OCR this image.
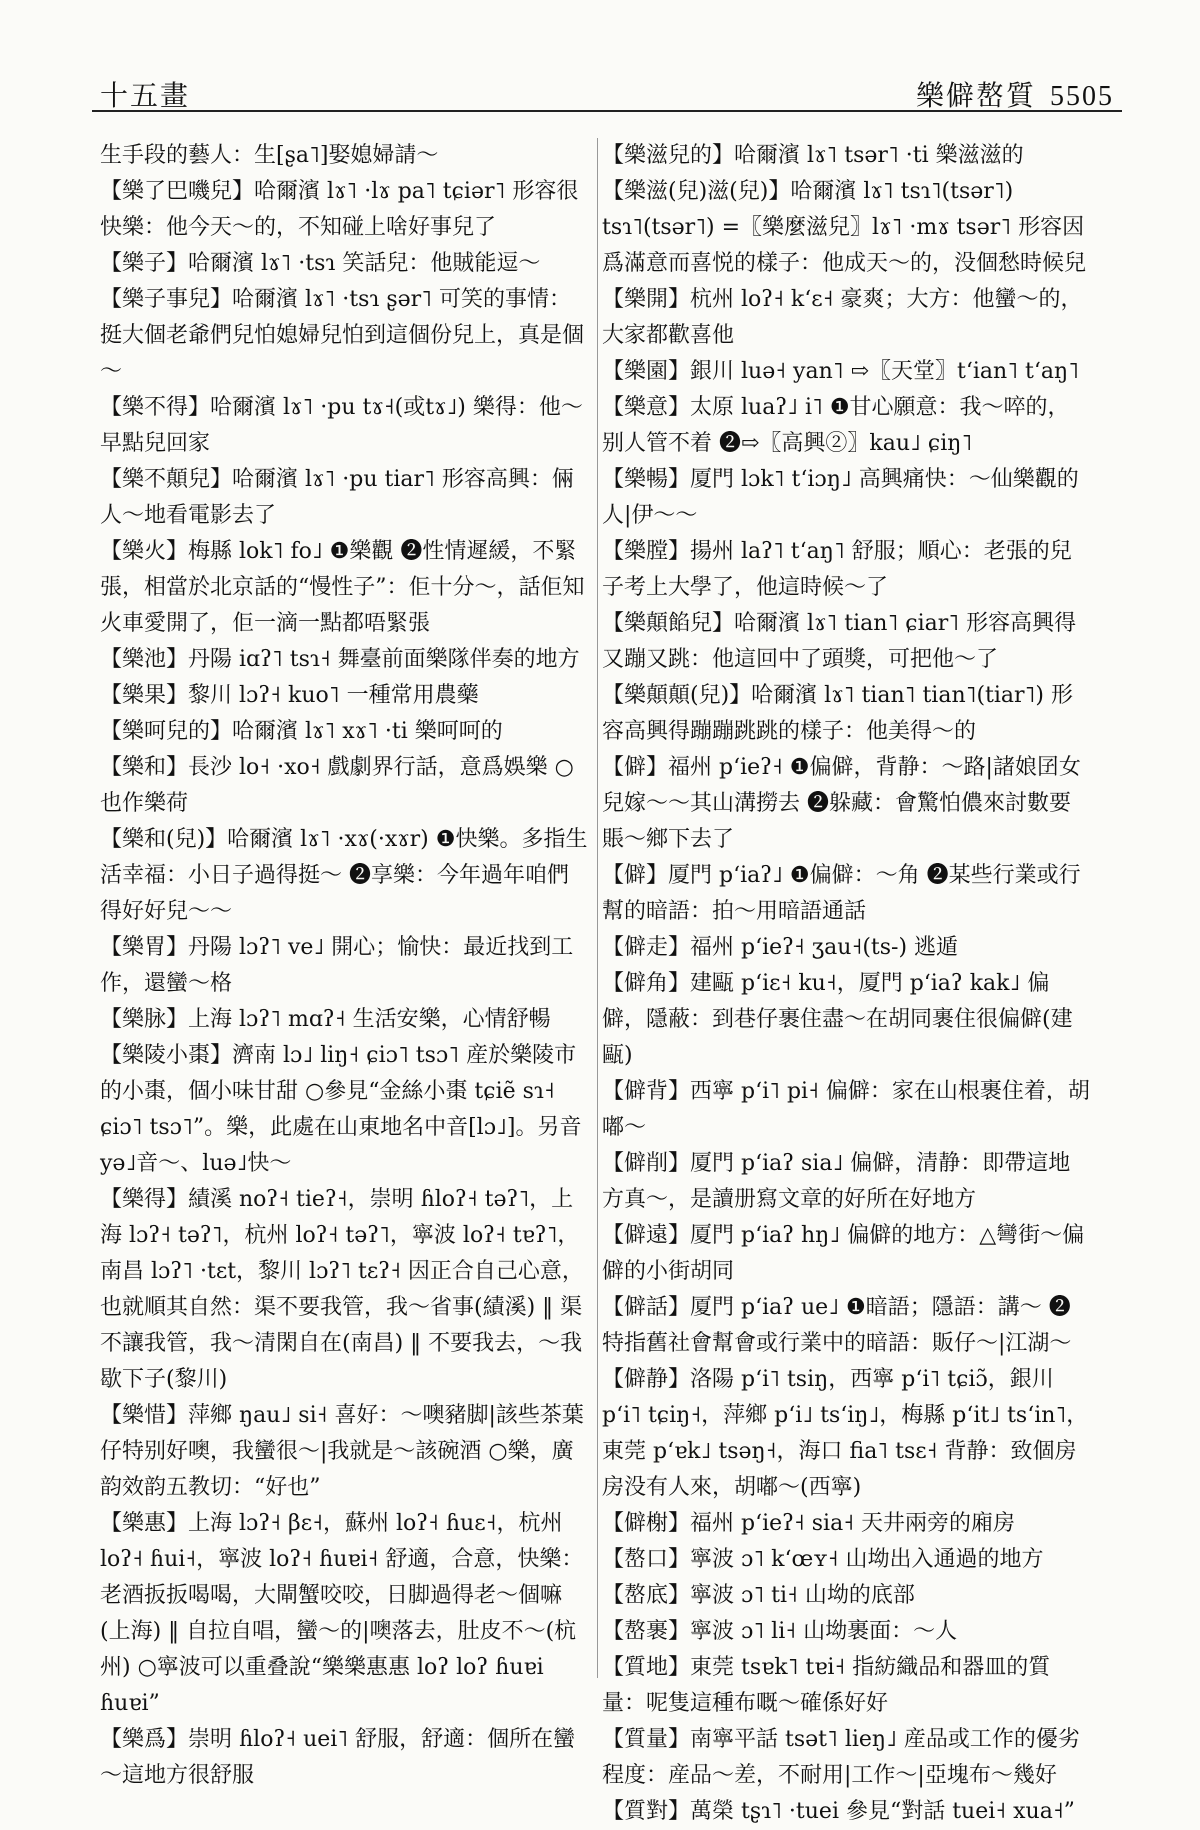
十五畫	樂僻嶅質 5505

生手段的藝人：生[ʂa˥]娶媳婦請～

【樂了巴嘰兒】哈爾濱 lɤ˥ ·lɤ pa˥ tɕiər˥ 形容很快樂：他今天～的，不知碰上啥好事兒了

【樂子】哈爾濱 lɤ˥ ·tsɿ 笑話兒：他賊能逗～

【樂子事兒】哈爾濱 lɤ˥ ·tsɿ ʂər˥ 可笑的事情：挺大個老爺們兒怕媳婦兒怕到這個份兒上，真是個～

【樂不得】哈爾濱 lɤ˥ ·pu tɤ˧(或tɤ˩) 樂得：他～早點兒回家

【樂不顛兒】哈爾濱 lɤ˥ ·pu tiar˥ 形容高興：倆人～地看電影去了

【樂火】梅縣 lok˥ fo˩ ❶樂觀 ❷性情遲緩，不緊張，相當於北京話的“慢性子”：佢十分～，話佢知火車愛開了，佢一滴一點都唔緊張

【樂池】丹陽 iɑʔ˥ tsɿ˧ 舞臺前面樂隊伴奏的地方

【樂果】黎川 lɔʔ˧ kuo˥ 一種常用農藥

【樂呵兒的】哈爾濱 lɤ˥ xɤ˥ ·ti 樂呵呵的

【樂和】長沙 lo˧ ·xo˧ 戲劇界行話，意爲娛樂 ○也作樂荷

【樂和(兒)】哈爾濱 lɤ˥ ·xɤ(·xɤr) ❶快樂。多指生活幸福：小日子過得挺～ ❷享樂：今年過年咱們得好好兒～～

【樂胃】丹陽 lɔʔ˥ ve˩ 開心；愉快：最近找到工作，還蠻～格

【樂脉】上海 lɔʔ˥ mɑʔ˧ 生活安樂，心情舒暢

【樂陵小棗】濟南 lɔ˩ liŋ˧ ɕiɔ˥ tsɔ˥ 産於樂陵市的小棗，個小味甘甜 ○參見“金絲小棗 tɕiẽ sɿ˧ ɕiɔ˥ tsɔ˥”。樂，此處在山東地名中音[lɔ˩]。另音 yə˩音～、luə˩快～

【樂得】績溪 noʔ˧ tieʔ˧，崇明 ɦloʔ˧ təʔ˥，上海 lɔʔ˧ təʔ˥，杭州 loʔ˧ təʔ˥，寧波 loʔ˧ tɐʔ˥，南昌 lɔʔ˥ ·tɛt，黎川 lɔʔ˥ tɛʔ˧ 因正合自己心意，也就順其自然：渠不要我管，我～省事(績溪) ‖ 渠不讓我管，我～清閑自在(南昌) ‖ 不要我去，～我歇下子(黎川)

【樂惜】萍鄉 ŋau˩ si˧ 喜好：～噢豬脚|該些茶葉仔特别好噢，我蠻很～|我就是～該碗酒 ○樂，廣韵效韵五教切：“好也”

【樂惠】上海 lɔʔ˧ βɛ˧，蘇州 loʔ˧ ɦuɛ˧，杭州 loʔ˧ ɦui˧，寧波 loʔ˧ ɦuɐi˧ 舒適，合意，快樂：老酒扳扳喝喝，大閘蟹咬咬，日脚過得老～個嘛(上海) ‖ 自拉自唱，蠻～的|噢落去，肚皮不～(杭州) ○寧波可以重叠說“樂樂惠惠 loʔ loʔ ɦuɐi ɦuɐi”

【樂爲】崇明 ɦloʔ˧ uei˥ 舒服，舒適：個所在蠻～這地方很舒服

【樂滋兒的】哈爾濱 lɤ˥ tsər˥ ·ti 樂滋滋的

【樂滋(兒)滋(兒)】哈爾濱 lɤ˥ tsɿ˥(tsər˥) tsɿ˥(tsər˥) =〖樂麼滋兒〗lɤ˥ ·mɤ tsər˥ 形容因爲滿意而喜悦的樣子：他成天～的，没個愁時候兒

【樂開】杭州 loʔ˧ kʻɛ˧ 豪爽；大方：他蠻～的，大家都歡喜他

【樂園】銀川 luə˧ yan˥ ⇨〖天堂〗tʻian˥ tʻaŋ˥

【樂意】太原 luaʔ˩ i˥ ❶甘心願意：我～啐的，别人管不着 ❷⇨〖高興②〗kau˩ ɕiŋ˥

【樂暢】厦門 lɔk˥ tʻiɔŋ˩ 高興痛快：～仙樂觀的人|伊～～

【樂膛】揚州 laʔ˥ tʻaŋ˥ 舒服；順心：老張的兒子考上大學了，他這時候～了

【樂顛餡兒】哈爾濱 lɤ˥ tian˥ ɕiar˥ 形容高興得又蹦又跳：他這回中了頭獎，可把他～了

【樂顛顛(兒)】哈爾濱 lɤ˥ tian˥ tian˥(tiar˥) 形容高興得蹦蹦跳跳的樣子：他美得～的

【僻】福州 pʻieʔ˧ ❶偏僻，背静：～路|諸娘囝女兒嫁～～其山溝撈去 ❷躲藏：會驚怕儂來討數要賬～鄉下去了

【僻】厦門 pʻiaʔ˩ ❶偏僻：～角 ❷某些行業或行幫的暗語：拍～用暗語通話

【僻走】福州 pʻieʔ˧ ʒau˧(ts-) 逃遁

【僻角】建甌 pʻiɛ˧ ku˧，厦門 pʻiaʔ kak˩ 偏僻，隱蔽：到巷仔裹住盡～在胡同裹住很偏僻(建甌)

【僻背】西寧 pʻi˥ pi˧ 偏僻：家在山根裹住着，胡嘟～

【僻削】厦門 pʻiaʔ sia˩ 偏僻，清静：即帶這地方真～，是讀册寫文章的好所在好地方

【僻遠】厦門 pʻiaʔ hŋ˩ 偏僻的地方：△彎街～偏僻的小街胡同

【僻話】厦門 pʻiaʔ ue˩ ❶暗語；隱語：講～ ❷特指舊社會幫會或行業中的暗語：販仔～|江湖～

【僻静】洛陽 pʻi˥ tsiŋ，西寧 pʻi˥ tɕiɔ̃，銀川 pʻi˥ tɕiŋ˧，萍鄉 pʻi˩ tsʻiŋ˩，梅縣 pʻit˩ tsʻin˥，東莞 pʻɐk˩ tsəŋ˧，海口 fia˥ tsɛ˧ 背静：致個房房没有人來，胡嘟～(西寧)

【僻榭】福州 pʻieʔ˧ sia˧ 天井兩旁的廂房

【嶅口】寧波 ɔ˥ kʻœʏ˧ 山坳出入通過的地方

【嶅底】寧波 ɔ˥ ti˧ 山坳的底部

【嶅裹】寧波 ɔ˥ li˧ 山坳裹面：～人

【質地】東莞 tsɐk˥ tɐi˧ 指紡織品和器皿的質量：呢隻這種布嘅～確係好好

【質量】南寧平話 tsət˥ lieŋ˩ 産品或工作的優劣程度：産品～差，不耐用|工作～|亞塊布～幾好

【質對】萬榮 tʂɿ˥ ·tuei 參見“對話 tuei˧ xua˧”
